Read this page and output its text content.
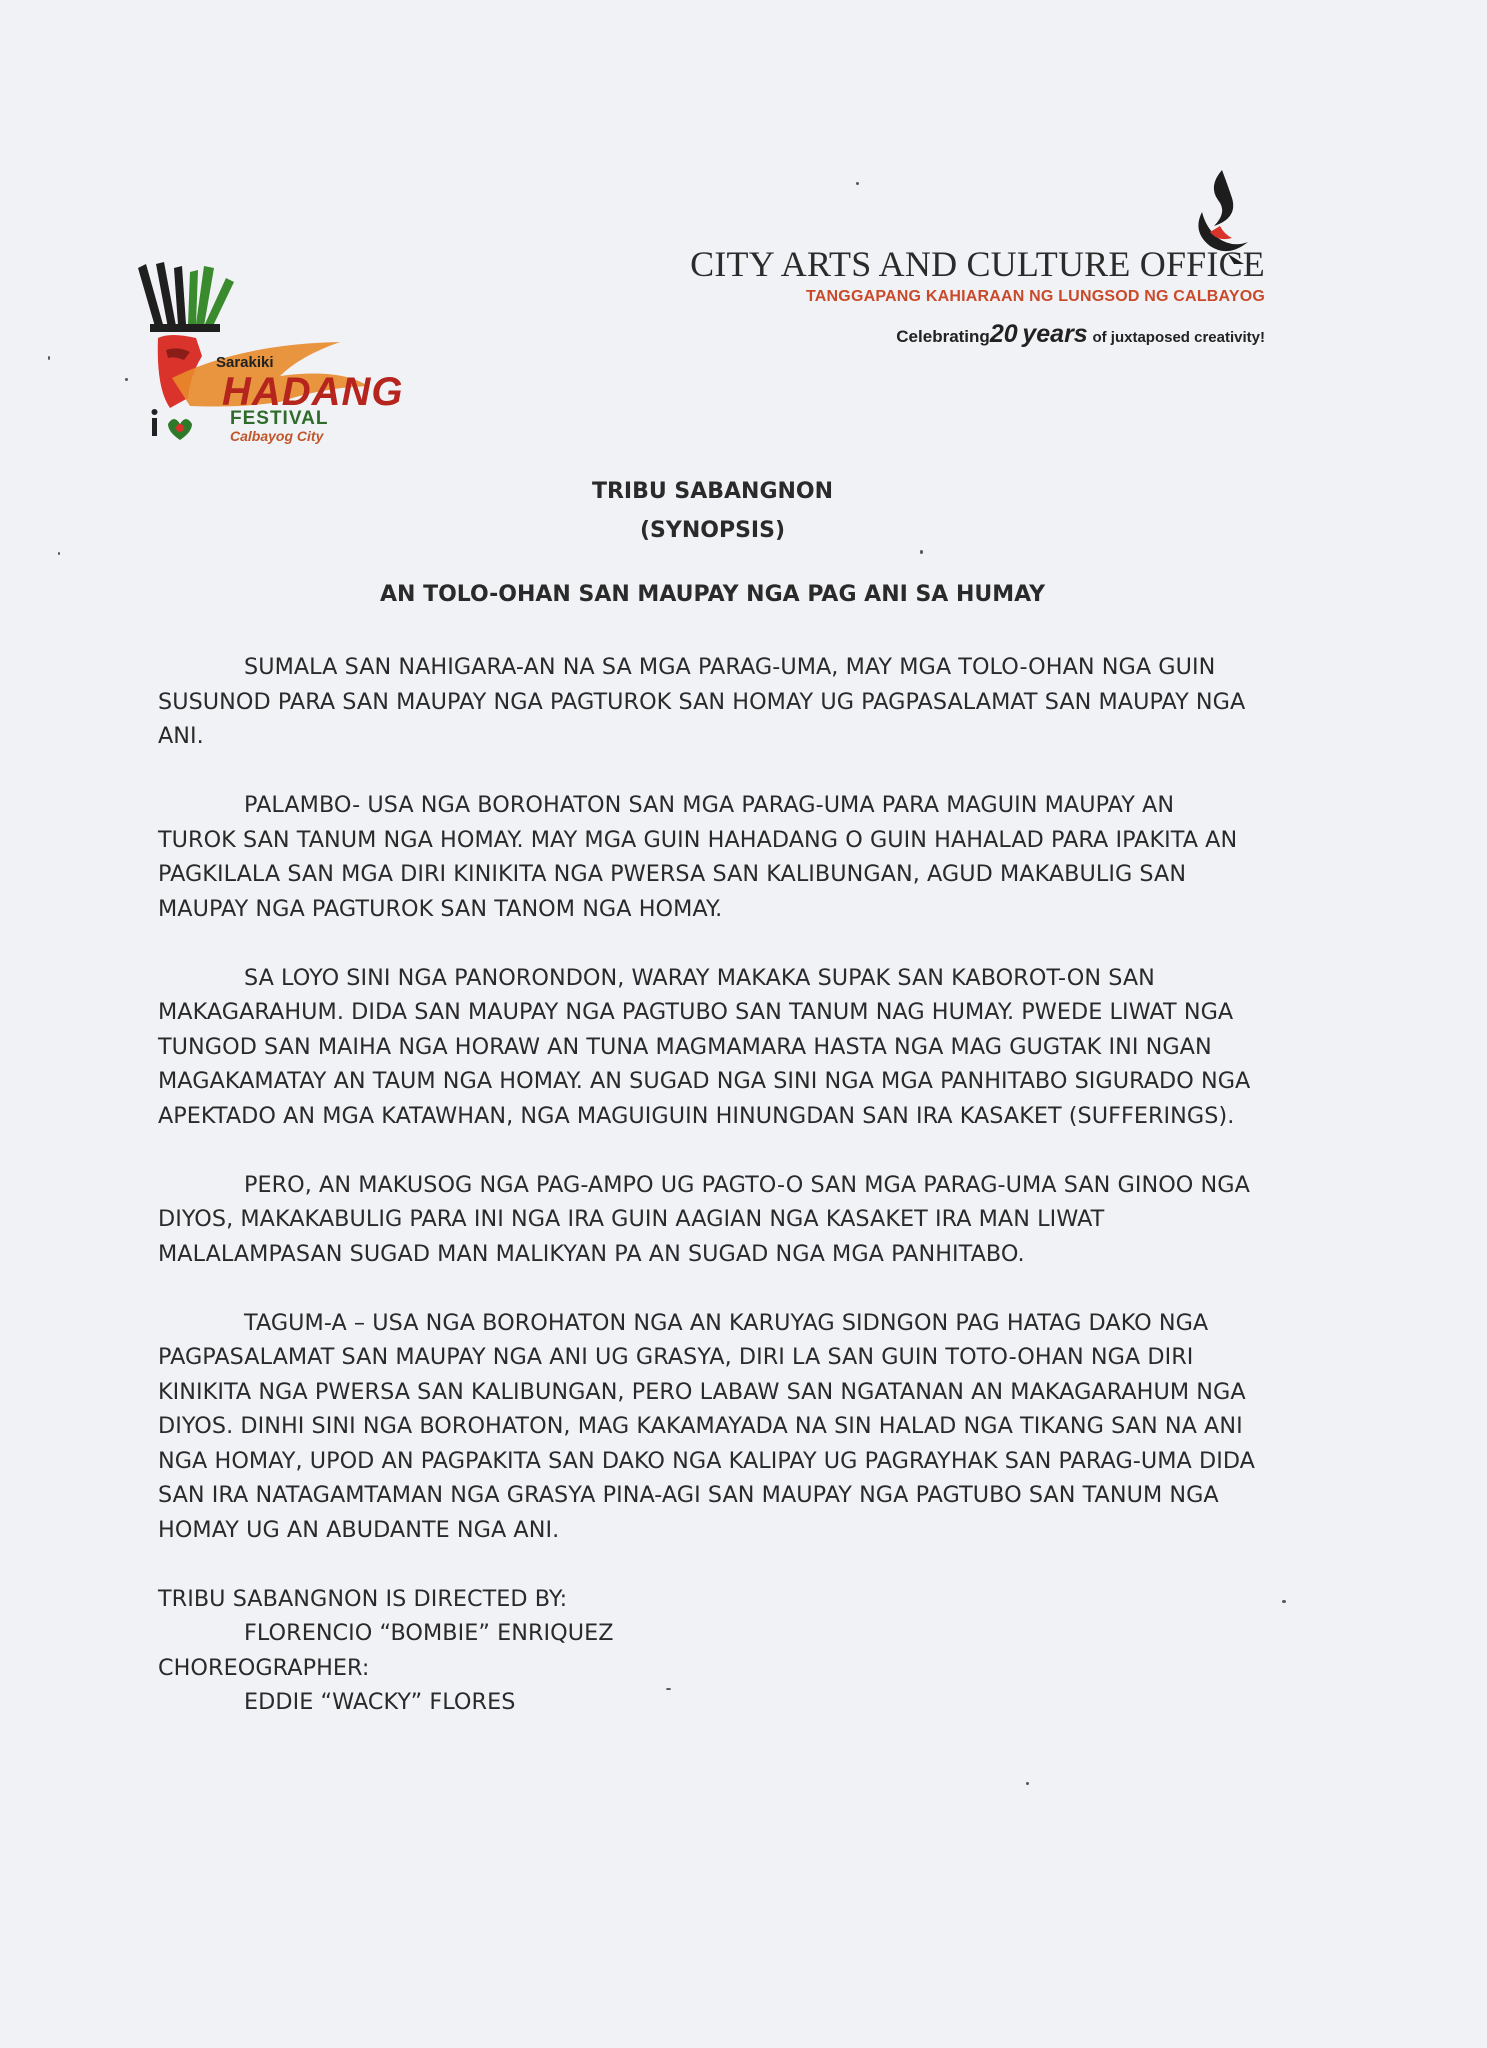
Sarakiki
HADANG
FESTIVAL
Calbayog City
CITY ARTS AND CULTURE OFFICE
TANGGAPANG KAHIARAAN NG LUNGSOD NG CALBAYOG
Celebrating20 years of juxtaposed creativity!
TRIBU SABANGNON
(SYNOPSIS)
AN TOLO-OHAN SAN MAUPAY NGA PAG ANI SA HUMAY

SUMALA SAN NAHIGARA-AN NA SA MGA PARAG-UMA, MAY MGA TOLO-OHAN NGA GUIN SUSUNOD PARA SAN MAUPAY NGA PAGTUROK SAN HOMAY UG PAGPASALAMAT SAN MAUPAY NGA ANI.

PALAMBO- USA NGA BOROHATON SAN MGA PARAG-UMA PARA MAGUIN MAUPAY AN TUROK SAN TANUM NGA HOMAY. MAY MGA GUIN HAHADANG O GUIN HAHALAD PARA IPAKITA AN PAGKILALA SAN MGA DIRI KINIKITA NGA PWERSA SAN KALIBUNGAN, AGUD MAKABULIG SAN MAUPAY NGA PAGTUROK SAN TANOM NGA HOMAY.

SA LOYO SINI NGA PANORONDON, WARAY MAKAKA SUPAK SAN KABOROT-ON SAN MAKAGARAHUM. DIDA SAN MAUPAY NGA PAGTUBO SAN TANUM NAG HUMAY. PWEDE LIWAT NGA TUNGOD SAN MAIHA NGA HORAW AN TUNA MAGMAMARA HASTA NGA MAG GUGTAK INI NGAN MAGAKAMATAY AN TAUM NGA HOMAY. AN SUGAD NGA SINI NGA MGA PANHITABO SIGURADO NGA APEKTADO AN MGA KATAWHAN, NGA MAGUIGUIN HINUNGDAN SAN IRA KASAKET (SUFFERINGS).

PERO, AN MAKUSOG NGA PAG-AMPO UG PAGTO-O SAN MGA PARAG-UMA SAN GINOO NGA DIYOS, MAKAKABULIG PARA INI NGA IRA GUIN AAGIAN NGA KASAKET IRA MAN LIWAT MALALAMPASAN SUGAD MAN MALIKYAN PA AN SUGAD NGA MGA PANHITABO.

TAGUM-A – USA NGA BOROHATON NGA AN KARUYAG SIDNGON PAG HATAG DAKO NGA PAGPASALAMAT SAN MAUPAY NGA ANI UG GRASYA, DIRI LA SAN GUIN TOTO-OHAN NGA DIRI KINIKITA NGA PWERSA SAN KALIBUNGAN, PERO LABAW SAN NGATANAN AN MAKAGARAHUM NGA DIYOS. DINHI SINI NGA BOROHATON, MAG KAKAMAYADA NA SIN HALAD NGA TIKANG SAN NA ANI NGA HOMAY, UPOD AN PAGPAKITA SAN DAKO NGA KALIPAY UG PAGRAYHAK SAN PARAG-UMA DIDA SAN IRA NATAGAMTAMAN NGA GRASYA PINA-AGI SAN MAUPAY NGA PAGTUBO SAN TANUM NGA HOMAY UG AN ABUDANTE NGA ANI.

TRIBU SABANGNON IS DIRECTED BY:
FLORENCIO “BOMBIE” ENRIQUEZ
CHOREOGRAPHER:
EDDIE “WACKY” FLORES
